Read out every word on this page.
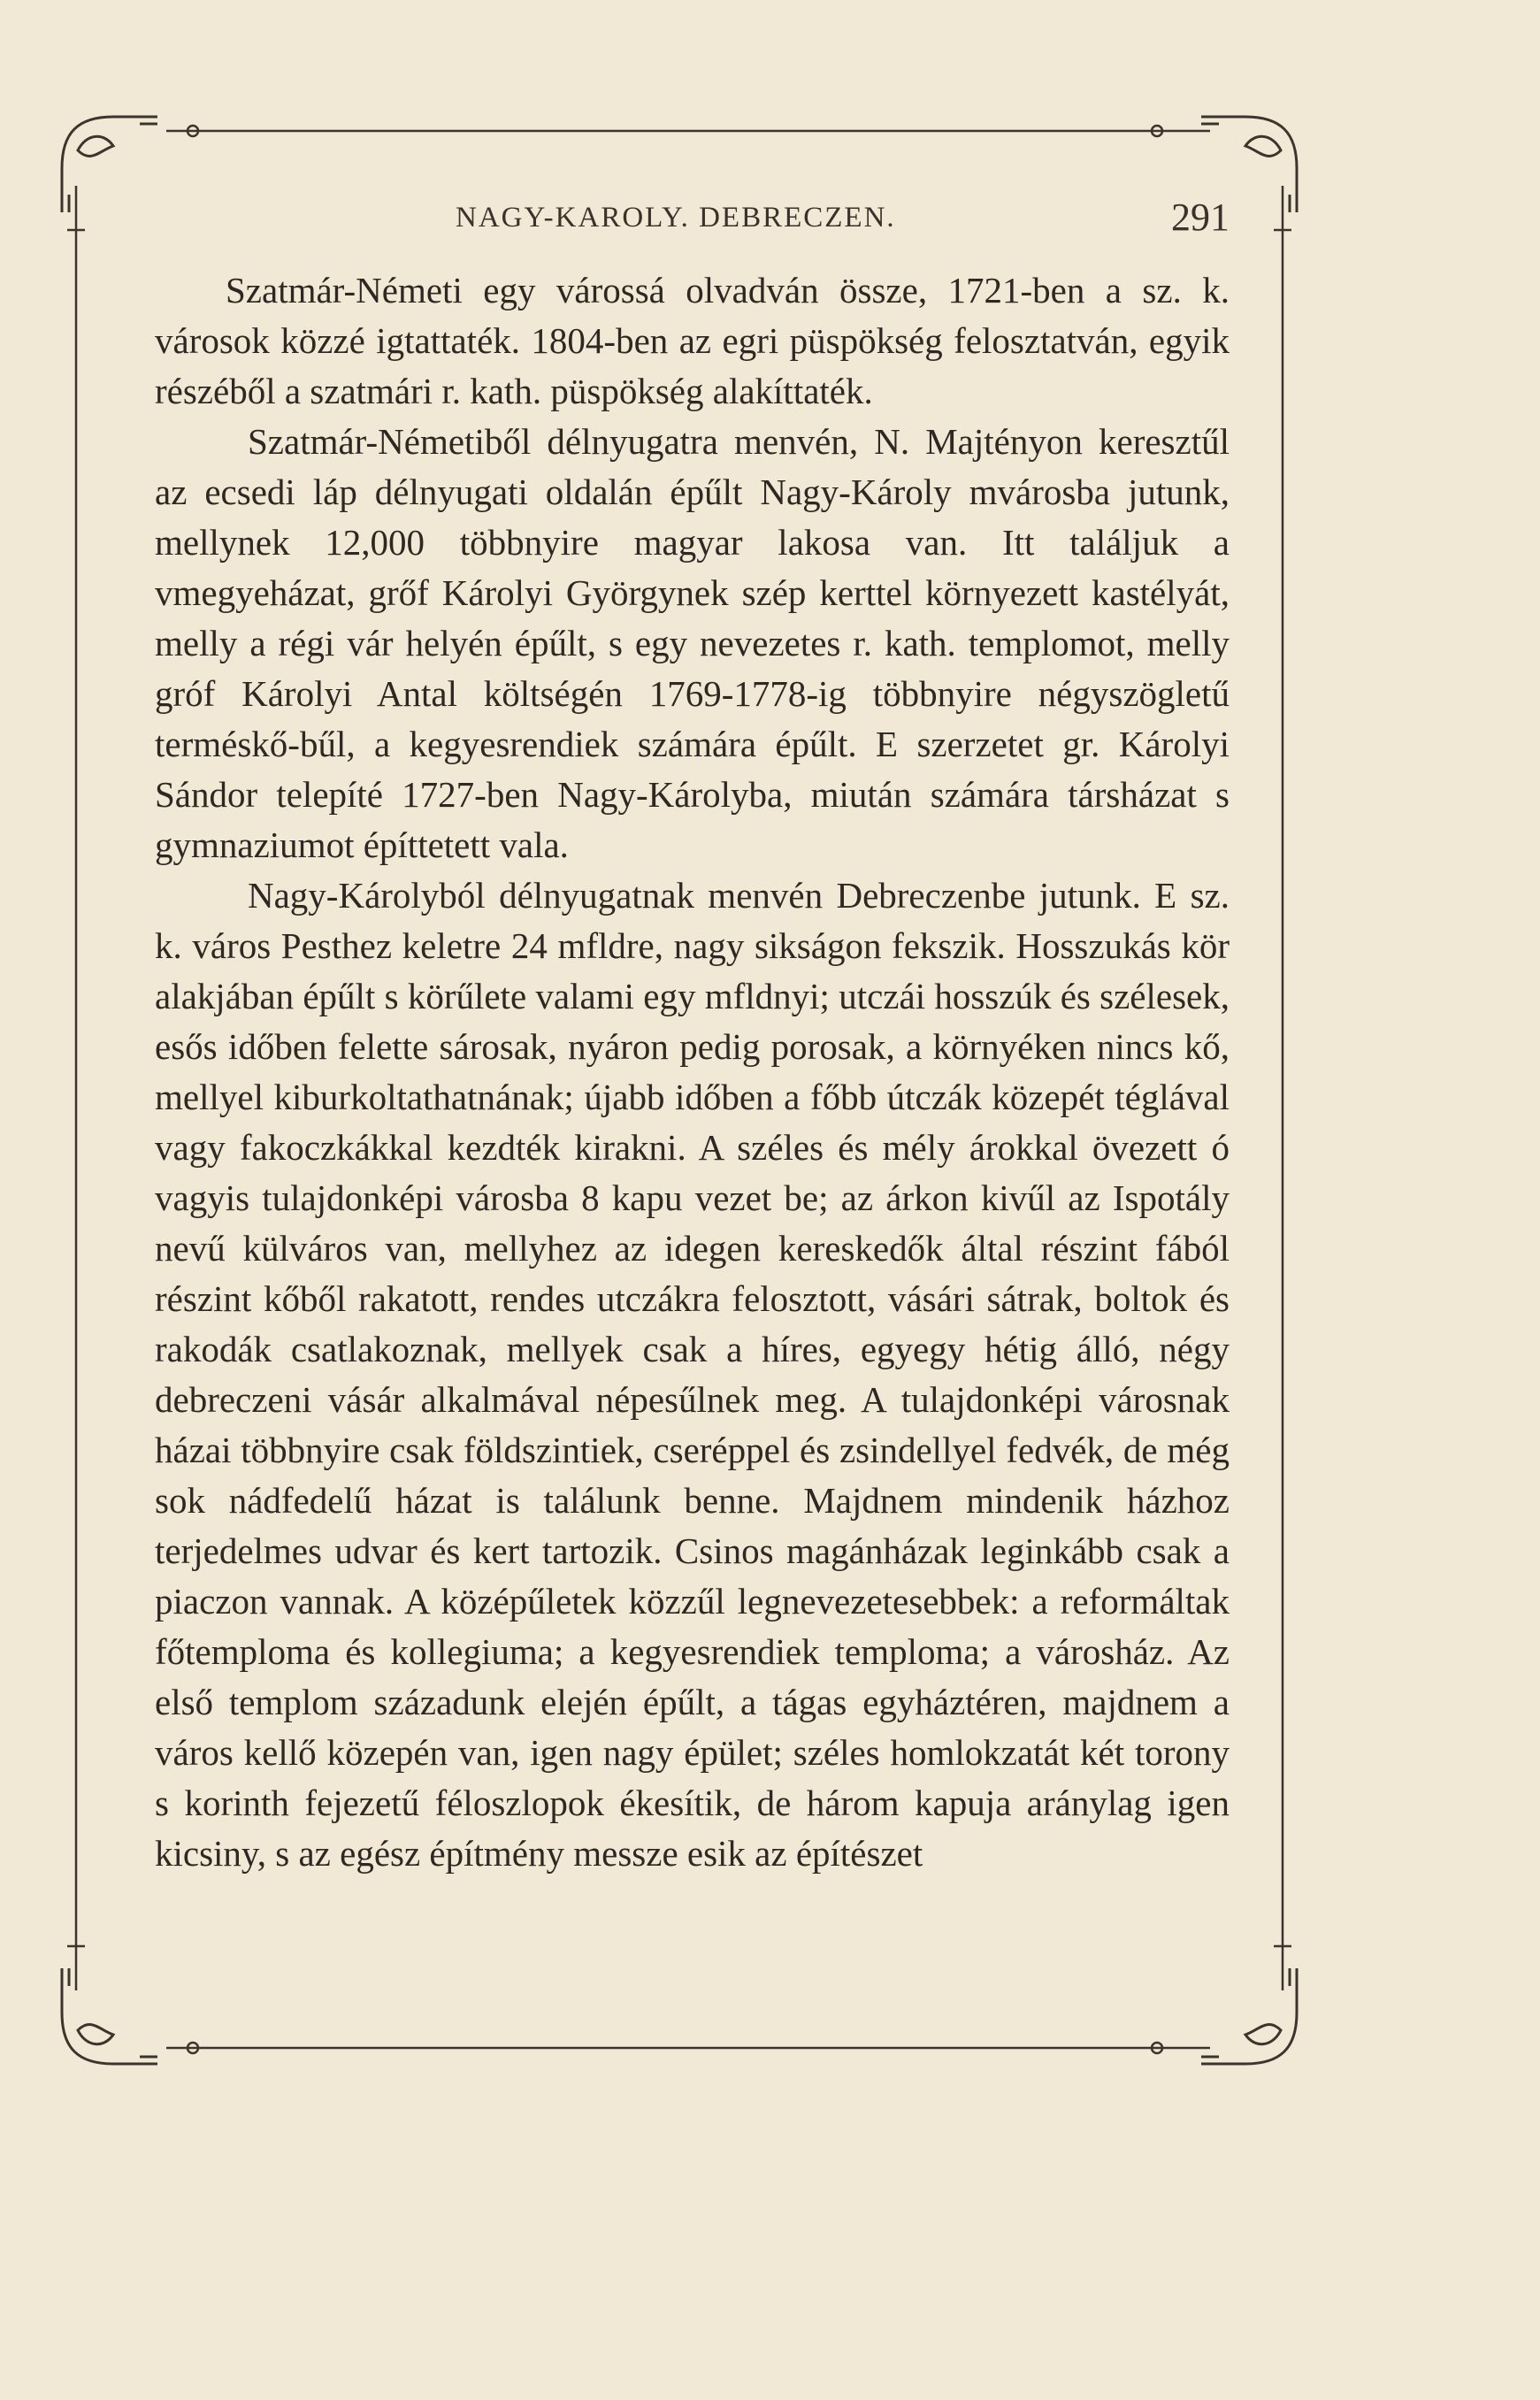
NAGY-KAROLY. DEBRECZEN.	291

Szatmár-Németi egy várossá olvadván össze, 1721-ben a sz. k. városok közzé igtattaték. 1804-ben az egri püspökség felosztatván, egyik részéből a szatmári r. kath. püspökség alakíttaték.

Szatmár-Németiből délnyugatra menvén, N. Majtényon keresztűl az ecsedi láp délnyugati oldalán épűlt Nagy-Károly mvárosba jutunk, mellynek 12,000 többnyire magyar lakosa van. Itt találjuk a vmegyeházat, grőf Károlyi Györgynek szép kerttel környezett kastélyát, melly a régi vár helyén épűlt, s egy nevezetes r. kath. templomot, melly gróf Károlyi Antal költségén 1769-1778-ig többnyire négyszögletű terméskő-bűl, a kegyesrendiek számára épűlt. E szerzetet gr. Károlyi Sándor telepíté 1727-ben Nagy-Károlyba, miután számára társházat s gymnaziumot építtetett vala.

Nagy-Károlyból délnyugatnak menvén Debreczenbe jutunk. E sz. k. város Pesthez keletre 24 mfldre, nagy sikságon fekszik. Hosszukás kör alakjában épűlt s körűlete valami egy mfldnyi; utczái hosszúk és szélesek, esős időben felette sárosak, nyáron pedig porosak, a környéken nincs kő, mellyel kiburkoltathatnának; újabb időben a főbb útczák közepét téglával vagy fakoczkákkal kezdték kirakni. A széles és mély árokkal övezett ó vagyis tulajdonképi városba 8 kapu vezet be; az árkon kivűl az Ispotály nevű külváros van, mellyhez az idegen kereskedők által részint fából részint kőből rakatott, rendes utczákra felosztott, vásári sátrak, boltok és rakodák csatlakoznak, mellyek csak a híres, egyegy hétig álló, négy debreczeni vásár alkalmával népesűlnek meg. A tulajdonképi városnak házai többnyire csak földszintiek, cseréppel és zsindellyel fedvék, de még sok nádfedelű házat is találunk benne. Majdnem mindenik házhoz terjedelmes udvar és kert tartozik. Csinos magánházak leginkább csak a piaczon vannak. A középűletek közzűl legnevezetesebbek: a reformáltak főtemploma és kollegiuma; a kegyesrendiek temploma; a városház. Az első templom századunk elején épűlt, a tágas egyháztéren, majdnem a város kellő közepén van, igen nagy épület; széles homlokzatát két torony s korinth fejezetű féloszlopok ékesítik, de három kapuja aránylag igen kicsiny, s az egész építmény messze esik az építészet
